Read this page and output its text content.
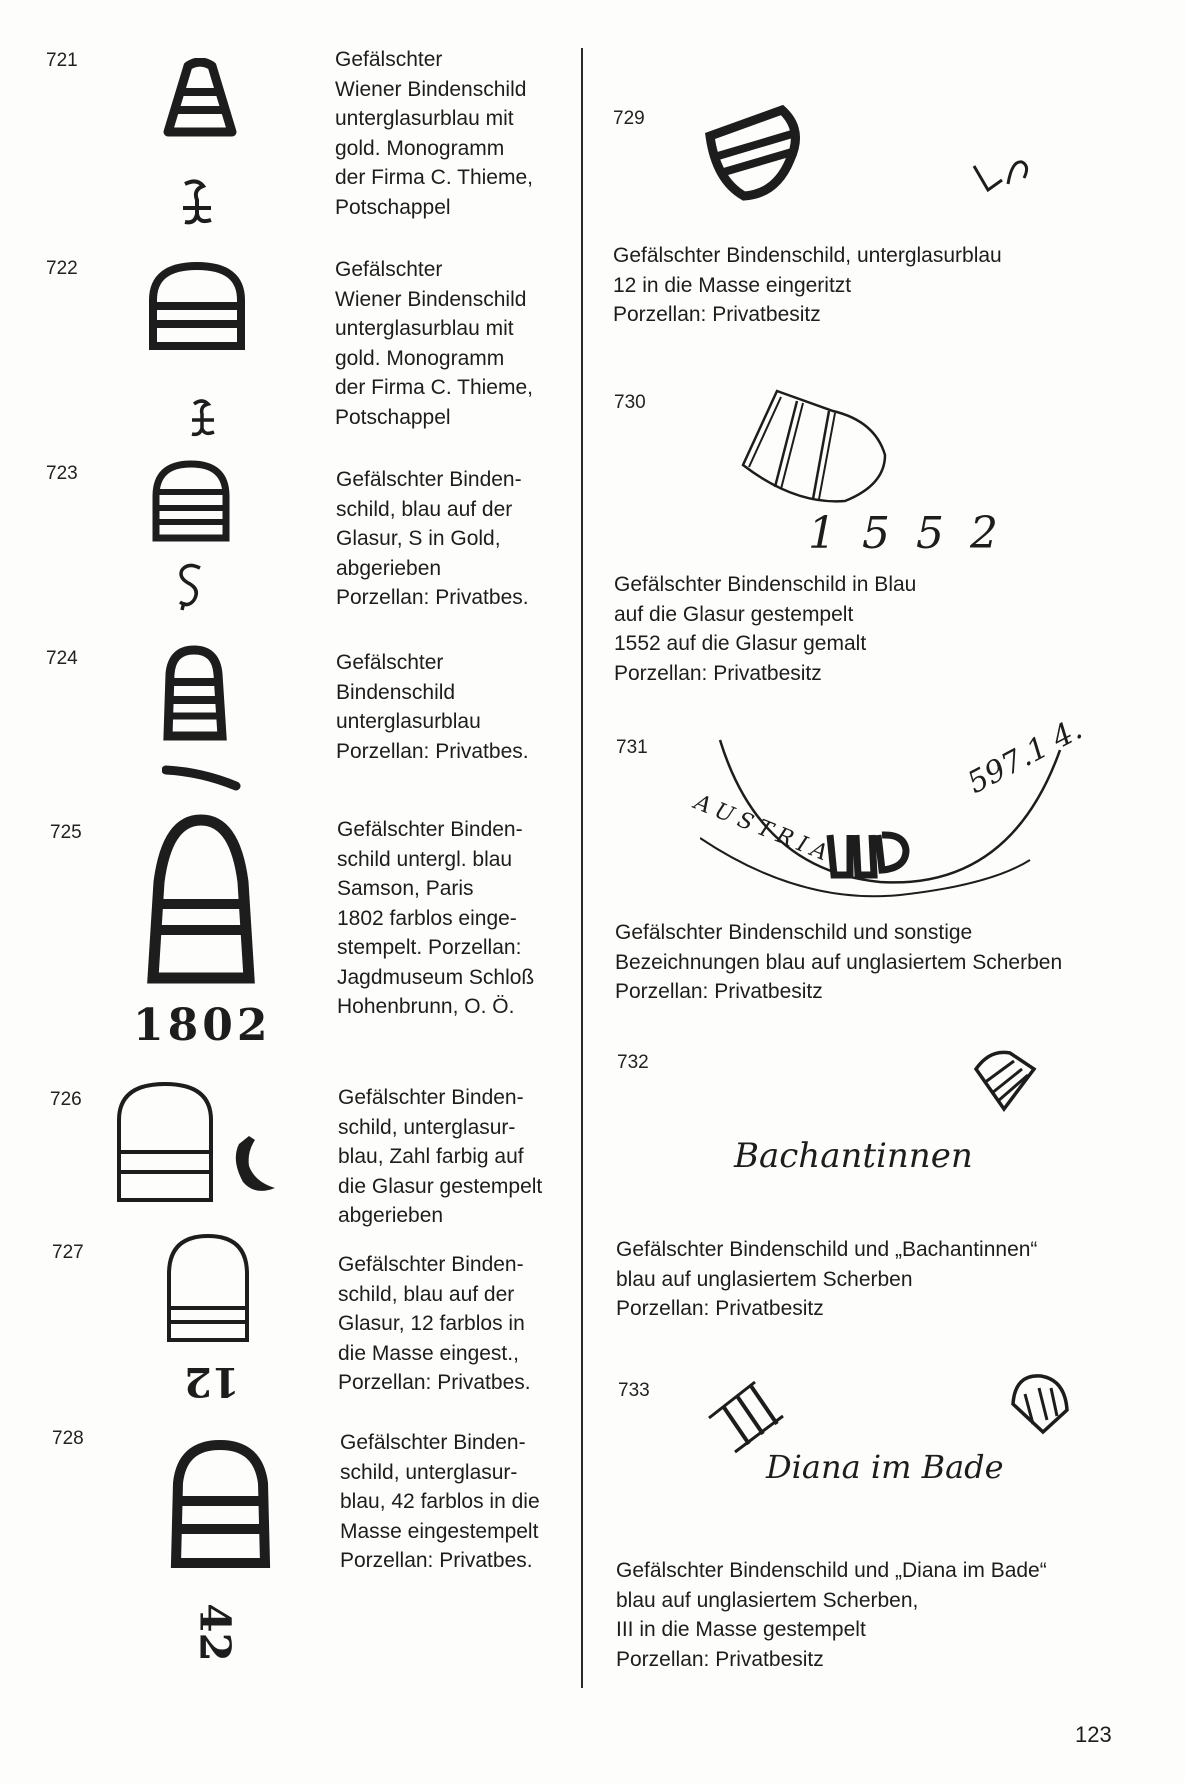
721	Gefälschter
Wiener Bindenschild
unterglasurblau mit
gold. Monogramm
der Firma C. Thieme,
Potschappel
722	Gefälschter
Wiener Bindenschild
unterglasurblau mit
gold. Monogramm
der Firma C. Thieme,
Potschappel
723	Gefälschter Binden-
schild, blau auf der
Glasur, S in Gold,
abgerieben
Porzellan: Privatbes.
724	Gefälschter
Bindenschild
unterglasurblau
Porzellan: Privatbes.
725
1802
Gefälschter Binden-
schild untergl. blau
Samson, Paris
1802 farblos einge-
stempelt. Porzellan:
Jagdmuseum Schloß
Hohenbrunn, O. Ö.
726	Gefälschter Binden-
schild, unterglasur-
blau, Zahl farbig auf
die Glasur gestempelt
abgerieben
727
12
Gefälschter Binden-
schild, blau auf der
Glasur, 12 farblos in
die Masse eingest.,
Porzellan: Privatbes.
728
42
Gefälschter Binden-
schild, unterglasur-
blau, 42 farblos in die
Masse eingestempelt
Porzellan: Privatbes.
729
12
Gefälschter Bindenschild, unterglasurblau
12 in die Masse eingeritzt
Porzellan: Privatbesitz
730
1552
Gefälschter Bindenschild in Blau
auf die Glasur gestempelt
1552 auf die Glasur gemalt
Porzellan: Privatbesitz
731
AUSTRIA
597.1 4.
Gefälschter Bindenschild und sonstige
Bezeichnungen blau auf unglasiertem Scherben
Porzellan: Privatbesitz
732
Bachantinnen
Gefälschter Bindenschild und „Bachantinnen“
blau auf unglasiertem Scherben
Porzellan: Privatbesitz
733
Diana im Bade
Gefälschter Bindenschild und „Diana im Bade“
blau auf unglasiertem Scherben,
III in die Masse gestempelt
Porzellan: Privatbesitz
123
